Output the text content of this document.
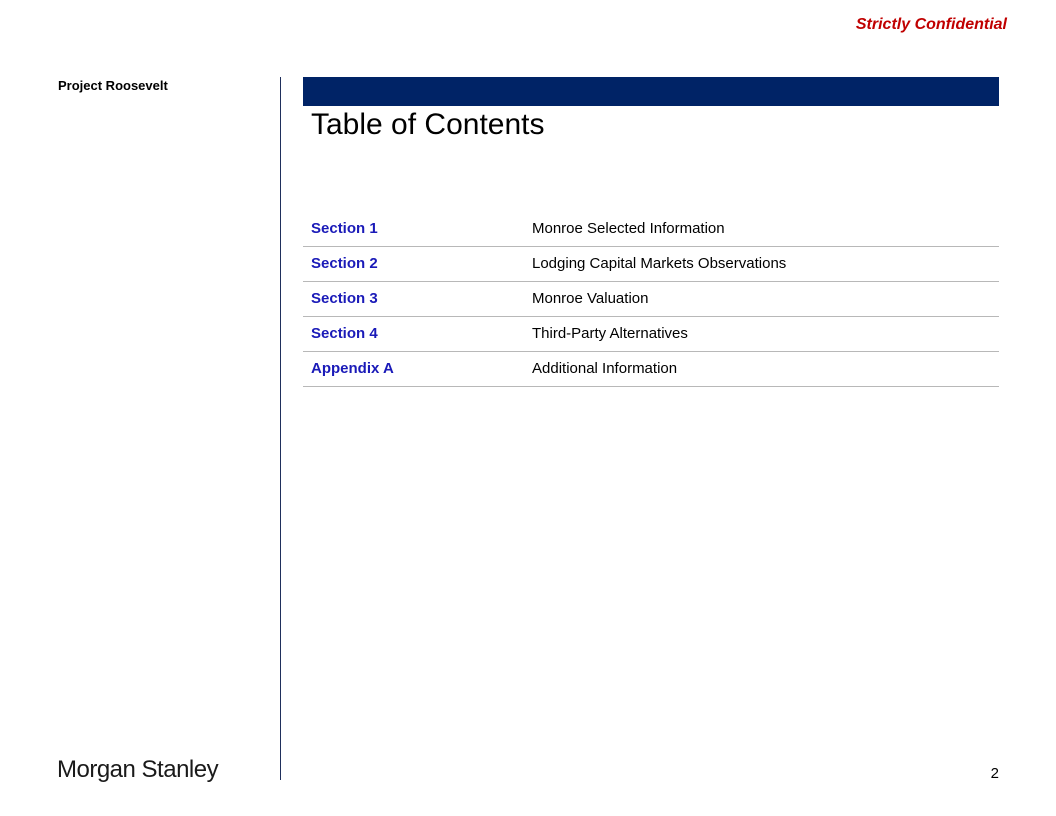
Strictly Confidential
Project Roosevelt
Table of Contents
Section 1	Monroe Selected Information
Section 2	Lodging Capital Markets Observations
Section 3	Monroe Valuation
Section 4	Third-Party Alternatives
Appendix A	Additional Information
Morgan Stanley	2
